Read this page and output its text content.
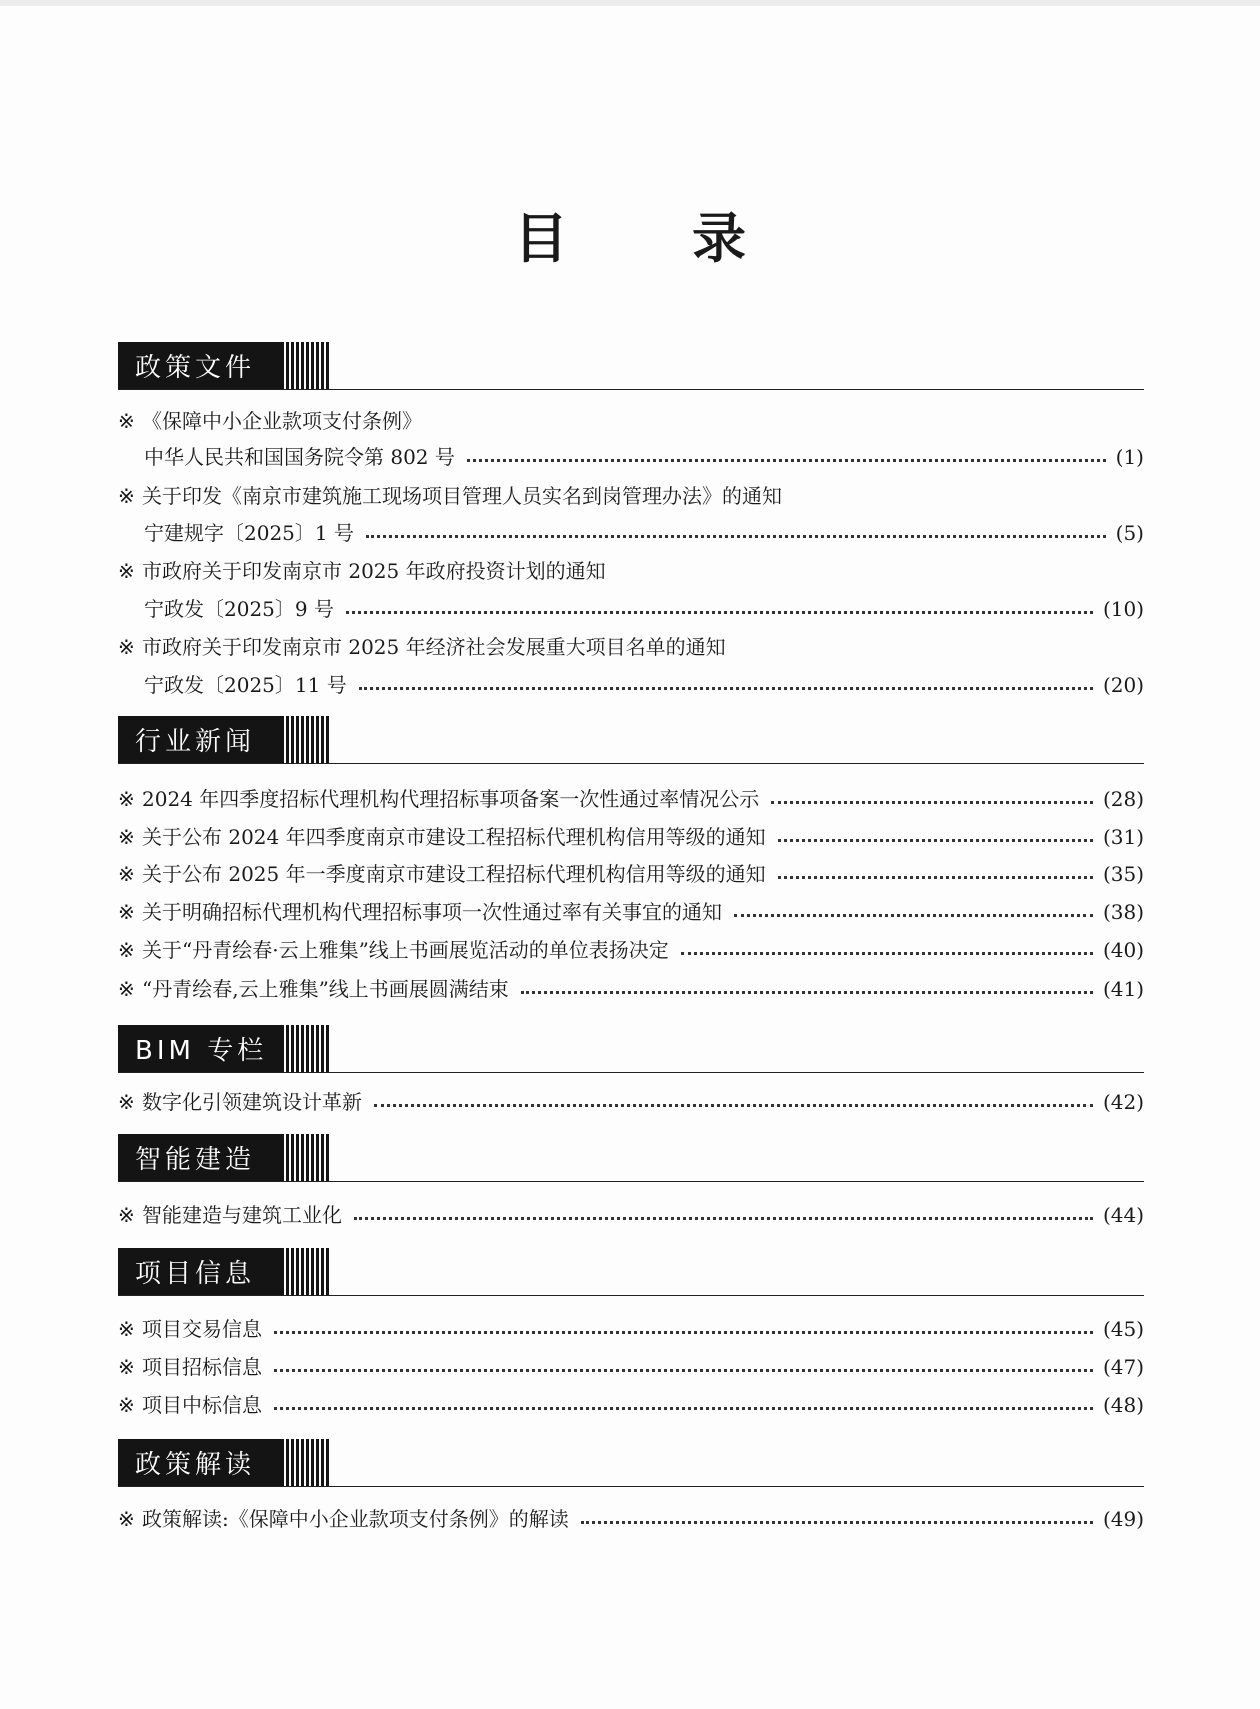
目 录
政策文件
※ 《保障中小企业款项支付条例》
中华人民共和国国务院令第 802 号	(1)
※ 关于印发《南京市建筑施工现场项目管理人员实名到岗管理办法》的通知
宁建规字〔2025〕1 号	(5)
※ 市政府关于印发南京市 2025 年政府投资计划的通知
宁政发〔2025〕9 号	(10)
※ 市政府关于印发南京市 2025 年经济社会发展重大项目名单的通知
宁政发〔2025〕11 号	(20)
行业新闻
※ 2024 年四季度招标代理机构代理招标事项备案一次性通过率情况公示	(28)
※ 关于公布 2024 年四季度南京市建设工程招标代理机构信用等级的通知	(31)
※ 关于公布 2025 年一季度南京市建设工程招标代理机构信用等级的通知	(35)
※ 关于明确招标代理机构代理招标事项一次性通过率有关事宜的通知	(38)
※ 关于“丹青绘春·云上雅集”线上书画展览活动的单位表扬决定	(40)
※ “丹青绘春,云上雅集”线上书画展圆满结束	(41)
BIM 专栏
※ 数字化引领建筑设计革新	(42)
智能建造
※ 智能建造与建筑工业化	(44)
项目信息
※ 项目交易信息	(45)
※ 项目招标信息	(47)
※ 项目中标信息	(48)
政策解读
※ 政策解读:《保障中小企业款项支付条例》的解读	(49)
